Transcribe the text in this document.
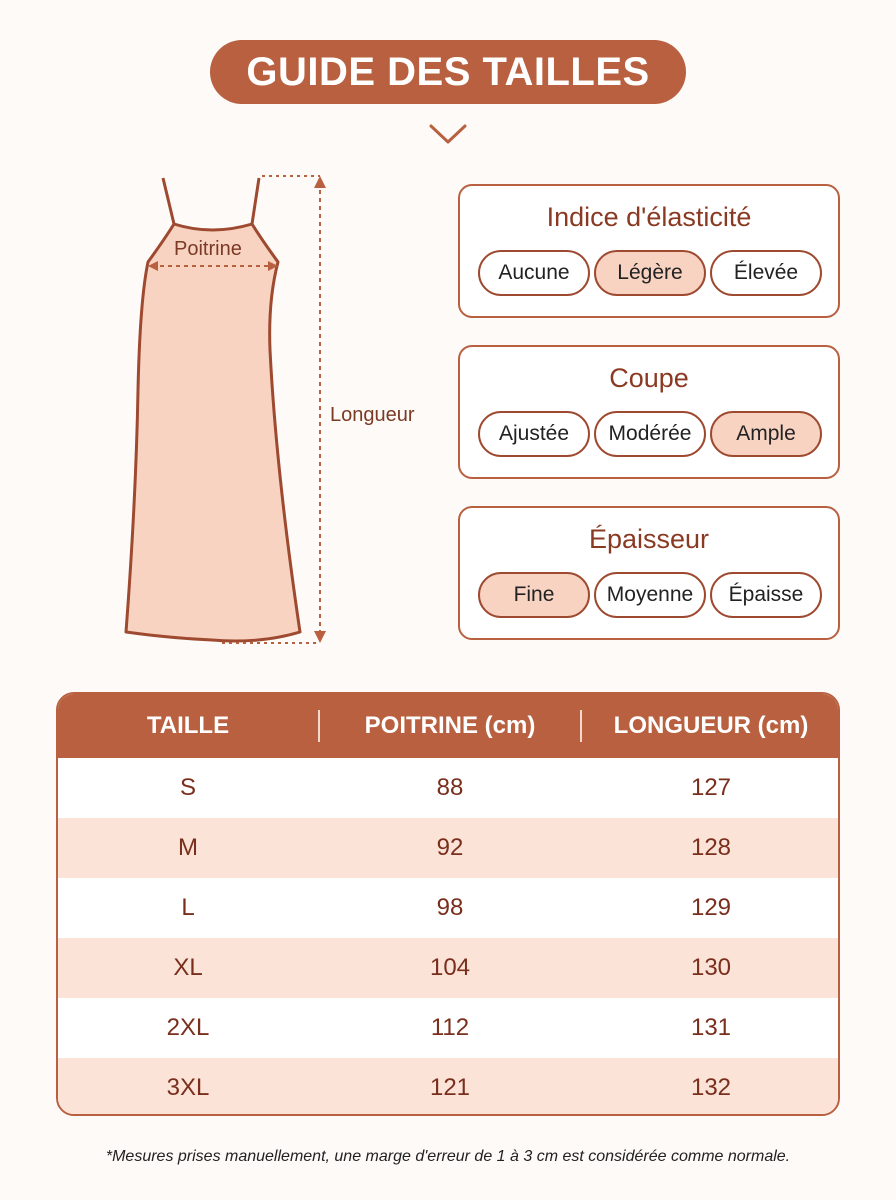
GUIDE DES TAILLES
Poitrine
Longueur
Indice d'élasticité
Aucune	Légère	Élevée
Coupe
Ajustée	Modérée	Ample
Épaisseur
Fine	Moyenne	Épaisse
TAILLE	POITRINE (cm)	LONGUEUR (cm)
S	88	127
M	92	128
L	98	129
XL	104	130
2XL	112	131
3XL	121	132
*Mesures prises manuellement, une marge d'erreur de 1 à 3 cm est considérée comme normale.
